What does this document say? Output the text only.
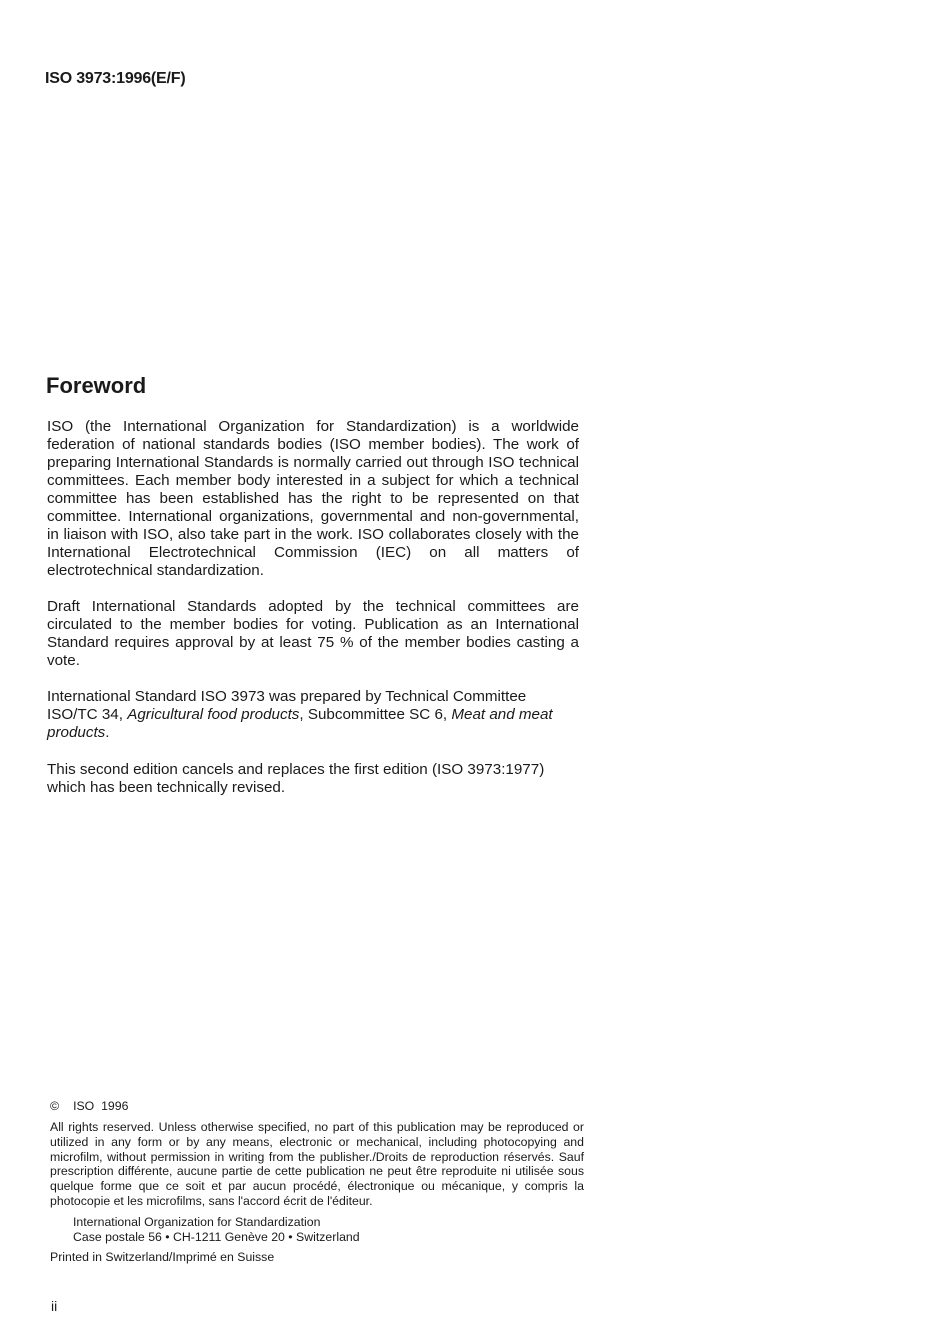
ISO 3973:1996(E/F)
Foreword

ISO (the International Organization for Standardization) is a worldwide federation of national standards bodies (ISO member bodies). The work of preparing International Standards is normally carried out through ISO technical committees. Each member body interested in a subject for which a technical committee has been established has the right to be represented on that committee. International organizations, governmental and non-governmental, in liaison with ISO, also take part in the work. ISO collaborates closely with the International Electrotechnical Commission (IEC) on all matters of electrotechnical standardization.

Draft International Standards adopted by the technical committees are circulated to the member bodies for voting. Publication as an International Standard requires approval by at least 75 % of the member bodies casting a vote.

International Standard ISO 3973 was prepared by Technical Committee ISO/TC 34, Agricultural food products, Subcommittee SC 6, Meat and meat products.

This second edition cancels and replaces the first edition (ISO 3973:1977) which has been technically revised.

© ISO  1996
All rights reserved. Unless otherwise specified, no part of this publication may be reproduced or utilized in any form or by any means, electronic or mechanical, including photocopying and microfilm, without permission in writing from the publisher./Droits de reproduction réservés. Sauf prescription différente, aucune partie de cette publication ne peut être reproduite ni utilisée sous quelque forme que ce soit et par aucun procédé, électronique ou mécanique, y compris la photocopie et les microfilms, sans l'accord écrit de l'éditeur.
International Organization for Standardization
Case postale 56 • CH-1211 Genève 20 • Switzerland
Printed in Switzerland/Imprimé en Suisse
ii
